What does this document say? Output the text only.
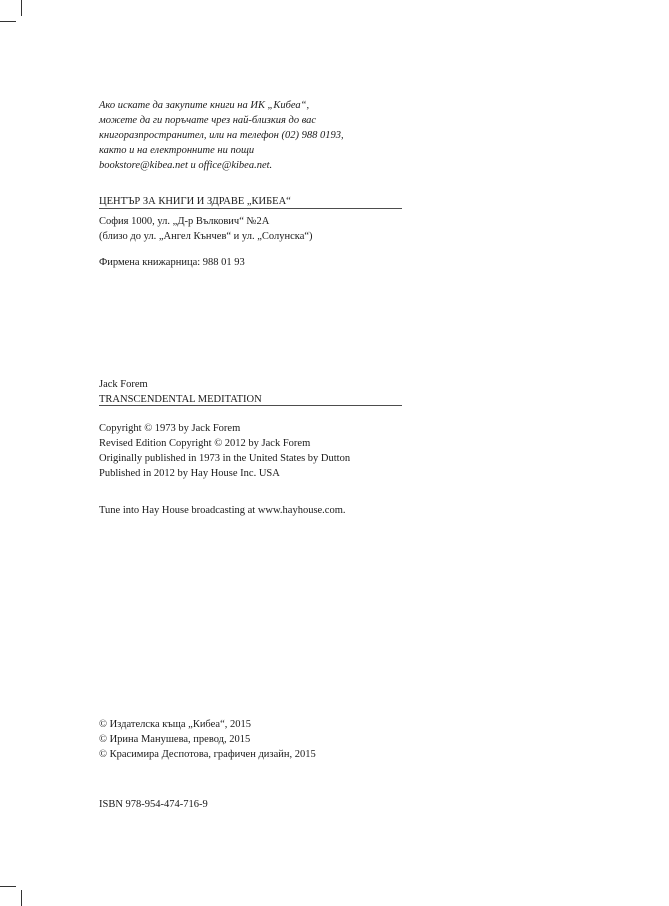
Ако искате да закупите книги на ИК „Кибеа“,
можете да ги поръчате чрез най-близкия до вас
книгоразпространител, или на телефон (02) 988 0193,
както и на електронните ни пощи
bookstore@kibea.net и office@kibea.net.
ЦЕНТЪР ЗА КНИГИ И ЗДРАВЕ „КИБЕА“
София 1000, ул. „Д-р Вълкович“ №2А
(близо до ул. „Ангел Кънчев“ и ул. „Солунска“)
Фирмена книжарница: 988 01 93
Jack Forem
TRANSCENDENTAL MEDITATION
Copyright © 1973 by Jack Forem
Revised Edition Copyright © 2012 by Jack Forem
Originally published in 1973 in the United States by Dutton
Published in 2012 by Hay House Inc. USA
Tune into Hay House broadcasting at www.hayhouse.com.
© Издателска къща „Кибеа“, 2015
© Ирина Манушева, превод, 2015
© Красимира Деспотова, графичен дизайн, 2015
ISBN 978-954-474-716-9
